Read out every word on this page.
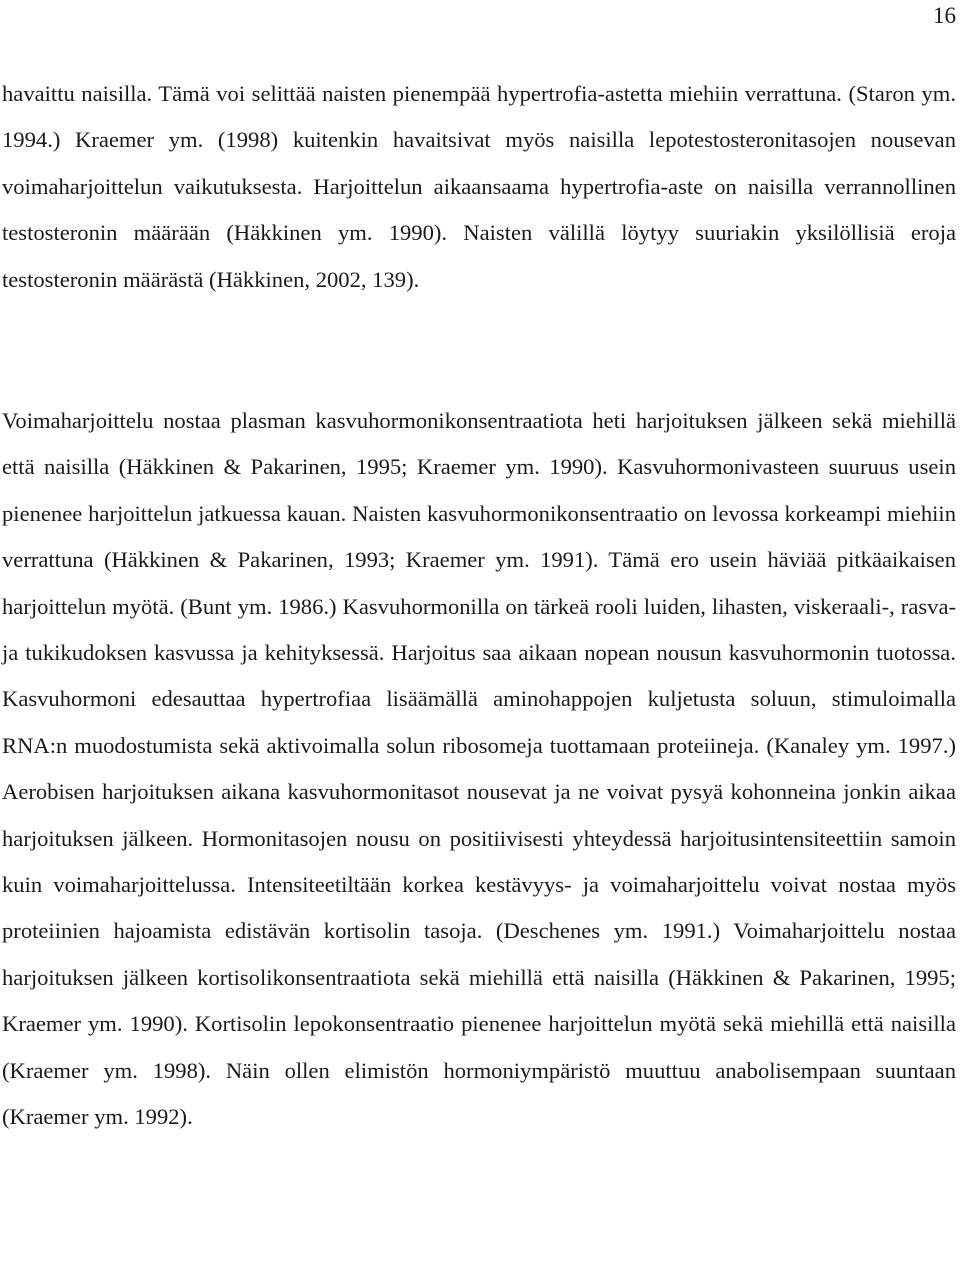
16

havaittu naisilla. Tämä voi selittää naisten pienempää hypertrofia-astetta miehiin verrattuna. (Staron ym. 1994.) Kraemer ym. (1998) kuitenkin havaitsivat myös naisilla lepotestosteronitasojen nousevan voimaharjoittelun vaikutuksesta. Harjoittelun aikaansaama hypertrofia-aste on naisilla verrannollinen testosteronin määrään (Häkkinen ym. 1990). Naisten välillä löytyy suuriakin yksilöllisiä eroja testosteronin määrästä (Häkkinen, 2002, 139).

Voimaharjoittelu nostaa plasman kasvuhormonikonsentraatiota heti harjoituksen jälkeen sekä miehillä että naisilla (Häkkinen & Pakarinen, 1995; Kraemer ym. 1990). Kasvuhormonivasteen suuruus usein pienenee harjoittelun jatkuessa kauan. Naisten kasvuhormonikonsentraatio on levossa korkeampi miehiin verrattuna (Häkkinen & Pakarinen, 1993; Kraemer ym. 1991). Tämä ero usein häviää pitkäaikaisen harjoittelun myötä. (Bunt ym. 1986.) Kasvuhormonilla on tärkeä rooli luiden, lihasten, viskeraali-, rasva- ja tukikudoksen kasvussa ja kehityksessä. Harjoitus saa aikaan nopean nousun kasvuhormonin tuotossa. Kasvuhormoni edesauttaa hypertrofiaa lisäämällä aminohappojen kuljetusta soluun, stimuloimalla RNA:n muodostumista sekä aktivoimalla solun ribosomeja tuottamaan proteiineja. (Kanaley ym. 1997.) Aerobisen harjoituksen aikana kasvuhormonitasot nousevat ja ne voivat pysyä kohonneina jonkin aikaa harjoituksen jälkeen. Hormonitasojen nousu on positiivisesti yhteydessä harjoitusintensiteettiin samoin kuin voimaharjoittelussa. Intensiteetiltään korkea kestävyys- ja voimaharjoittelu voivat nostaa myös proteiinien hajoamista edistävän kortisolin tasoja. (Deschenes ym. 1991.) Voimaharjoittelu nostaa harjoituksen jälkeen kortisolikonsentraatiota sekä miehillä että naisilla (Häkkinen & Pakarinen, 1995; Kraemer ym. 1990). Kortisolin lepokonsentraatio pienenee harjoittelun myötä sekä miehillä että naisilla (Kraemer ym. 1998). Näin ollen elimistön hormoniympäristö muuttuu anabolisempaan suuntaan (Kraemer ym. 1992).
